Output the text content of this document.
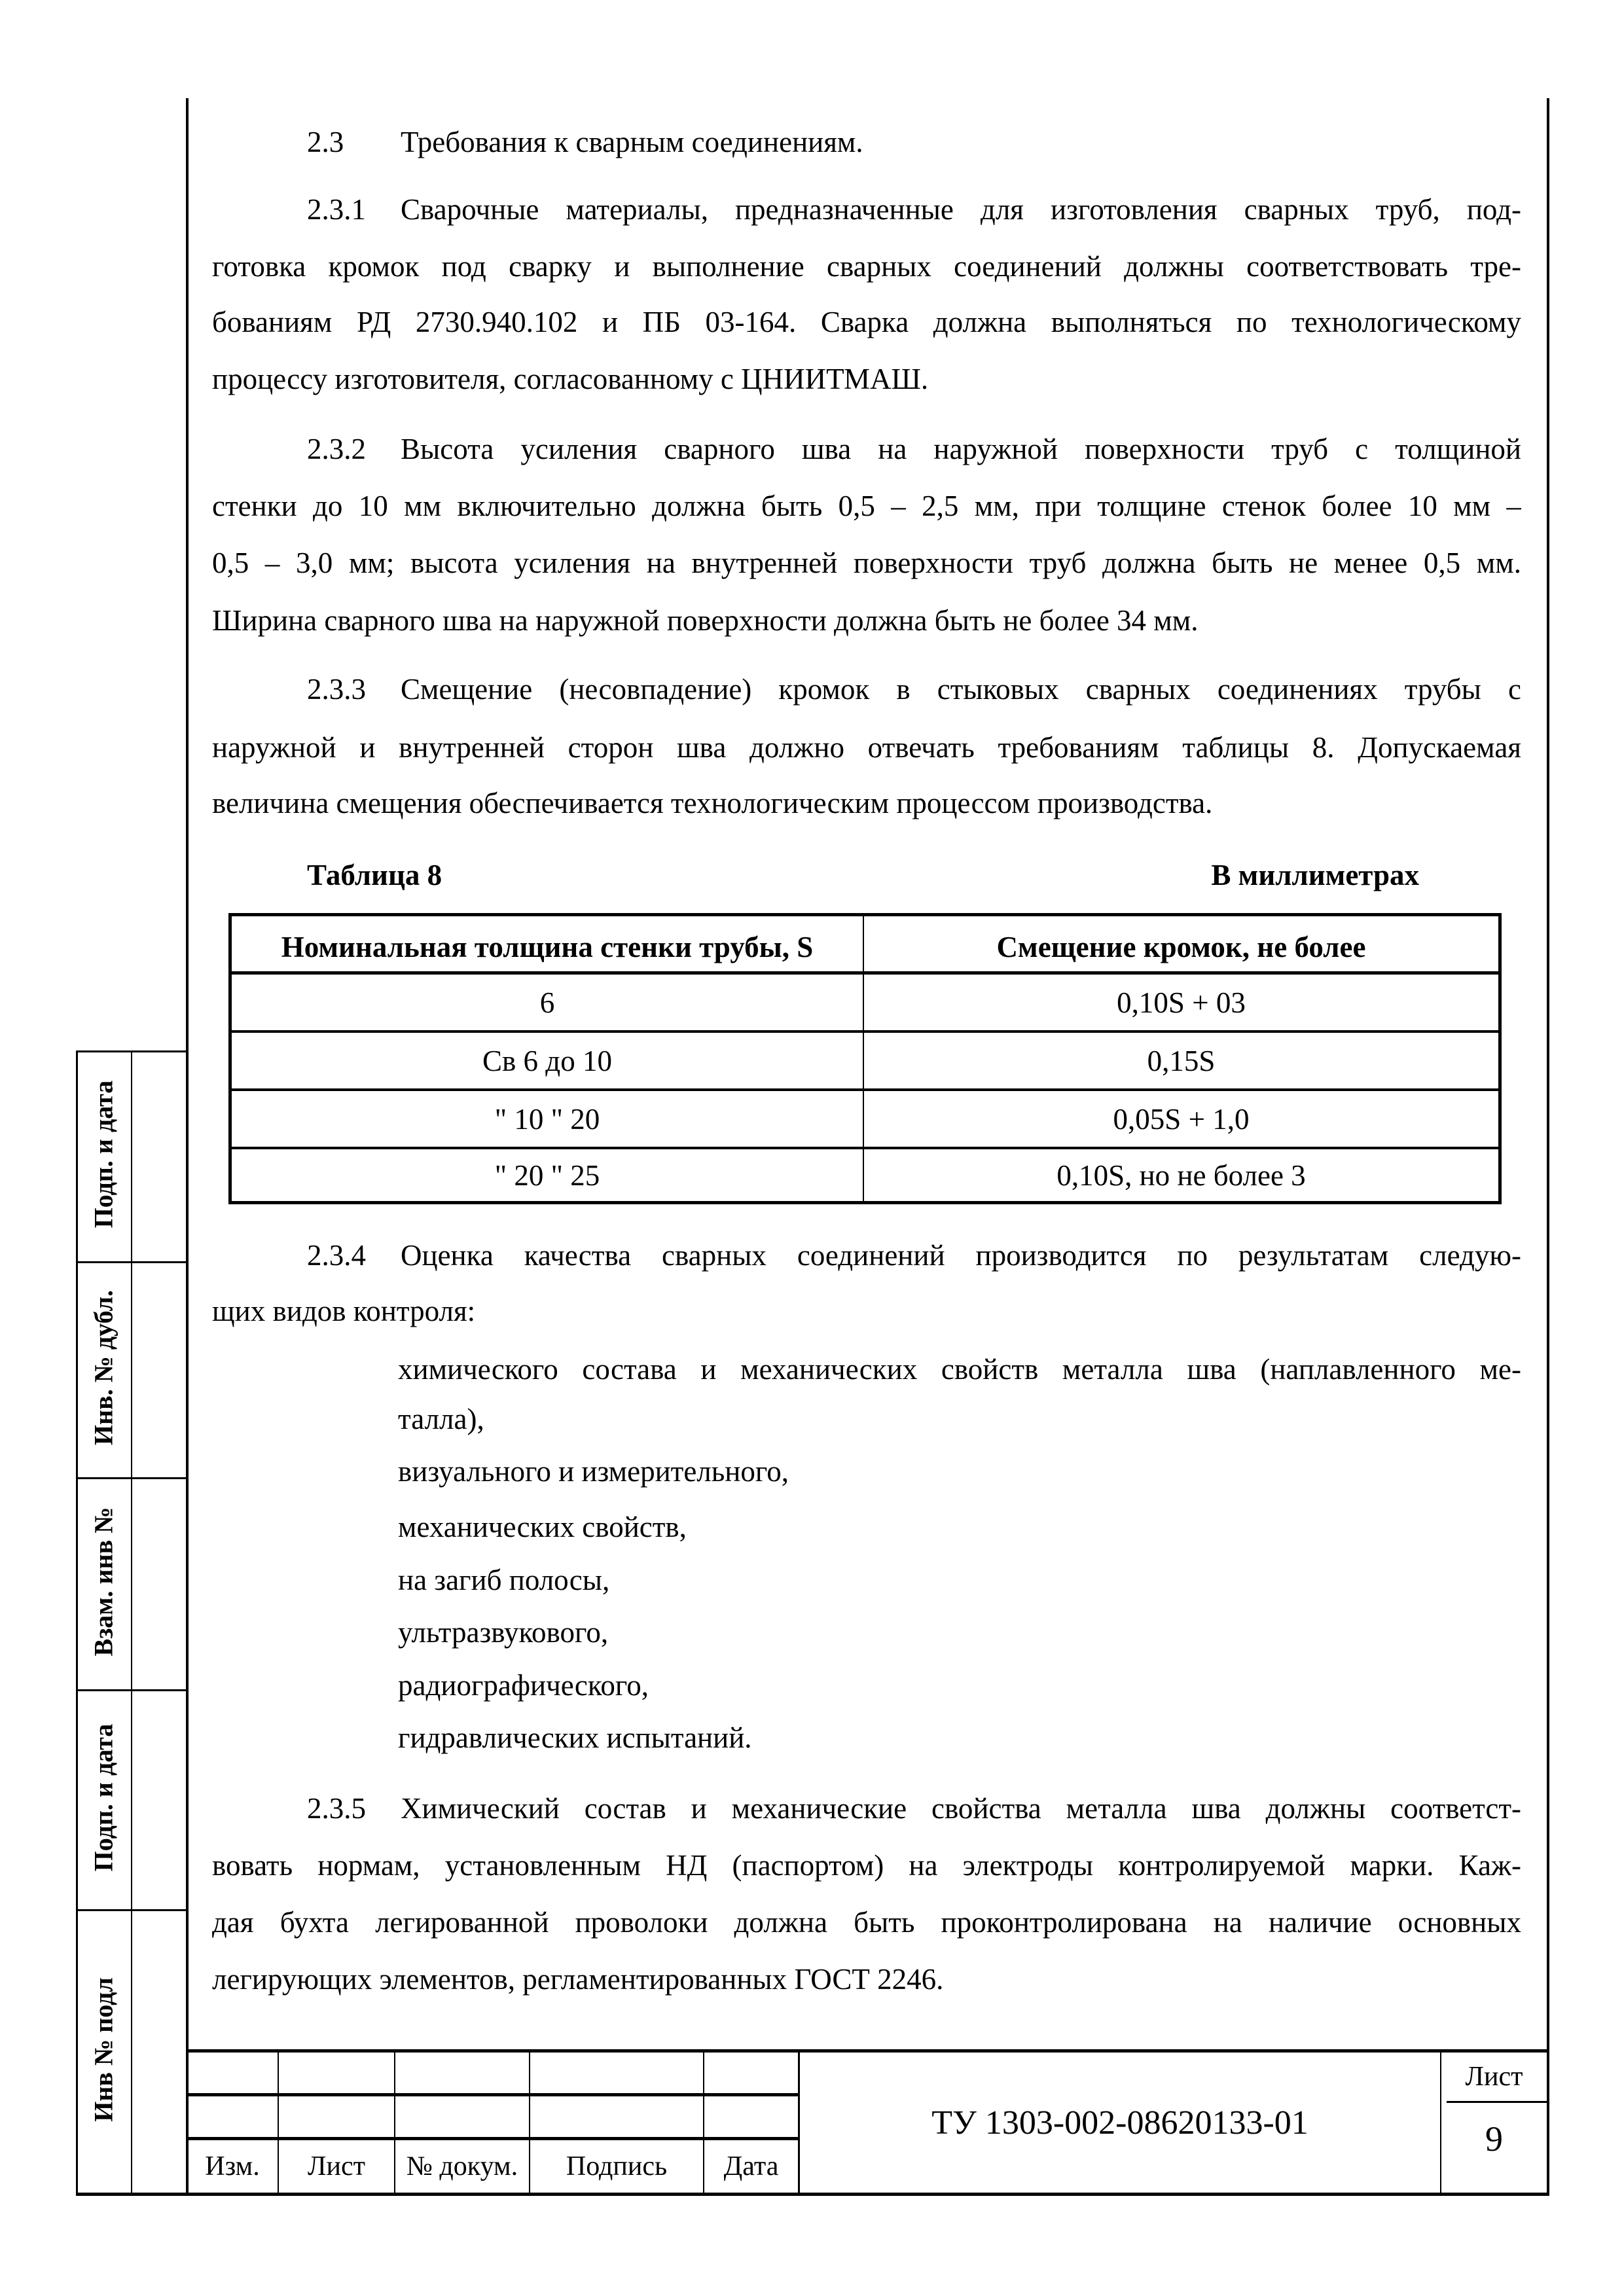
Подп. и дата
Инв. № дубл.
Взам. инв №
Подп. и дата
Инв № подл
2.3 Требования к сварным соединениям.
2.3.1 Сварочные материалы, предназначенные для изготовления сварных труб, под-
готовка кромок под сварку и выполнение сварных соединений должны соответствовать тре-
бованиям РД 2730.940.102 и ПБ 03-164. Сварка должна выполняться по технологическому
процессу изготовителя, согласованному с ЦНИИТМАШ.
2.3.2 Высота усиления сварного шва на наружной поверхности труб с толщиной
стенки до 10 мм включительно должна быть 0,5 – 2,5 мм, при толщине стенок более 10 мм –
0,5 – 3,0 мм; высота усиления на внутренней поверхности труб должна быть не менее 0,5 мм.
Ширина сварного шва на наружной поверхности должна быть не более 34 мм.
2.3.3 Смещение (несовпадение) кромок в стыковых сварных соединениях трубы с
наружной и внутренней сторон шва должно отвечать требованиям таблицы 8. Допускаемая
величина смещения обеспечивается технологическим процессом производства.
Таблица 8	В миллиметрах
Номинальная толщина стенки трубы, S	Смещение кромок, не более
6	0,10S + 03
Св 6 до 10	0,15S
" 10 " 20	0,05S + 1,0
" 20 " 25	0,10S, но не более 3
2.3.4 Оценка качества сварных соединений производится по результатам следую-
щих видов контроля:
химического состава и механических свойств металла шва (наплавленного ме-
талла),
визуального и измерительного,
механических свойств,
на загиб полосы,
ультразвукового,
радиографического,
гидравлических испытаний.
2.3.5 Химический состав и механические свойства металла шва должны соответст-
вовать нормам, установленным НД (паспортом) на электроды контролируемой марки. Каж-
дая бухта легированной проволоки должна быть проконтролирована на наличие основных
легирующих элементов, регламентированных ГОСТ 2246.
Изм.	Лист	№ докум.	Подпись	Дата
ТУ 1303-002-08620133-01
Лист
9
